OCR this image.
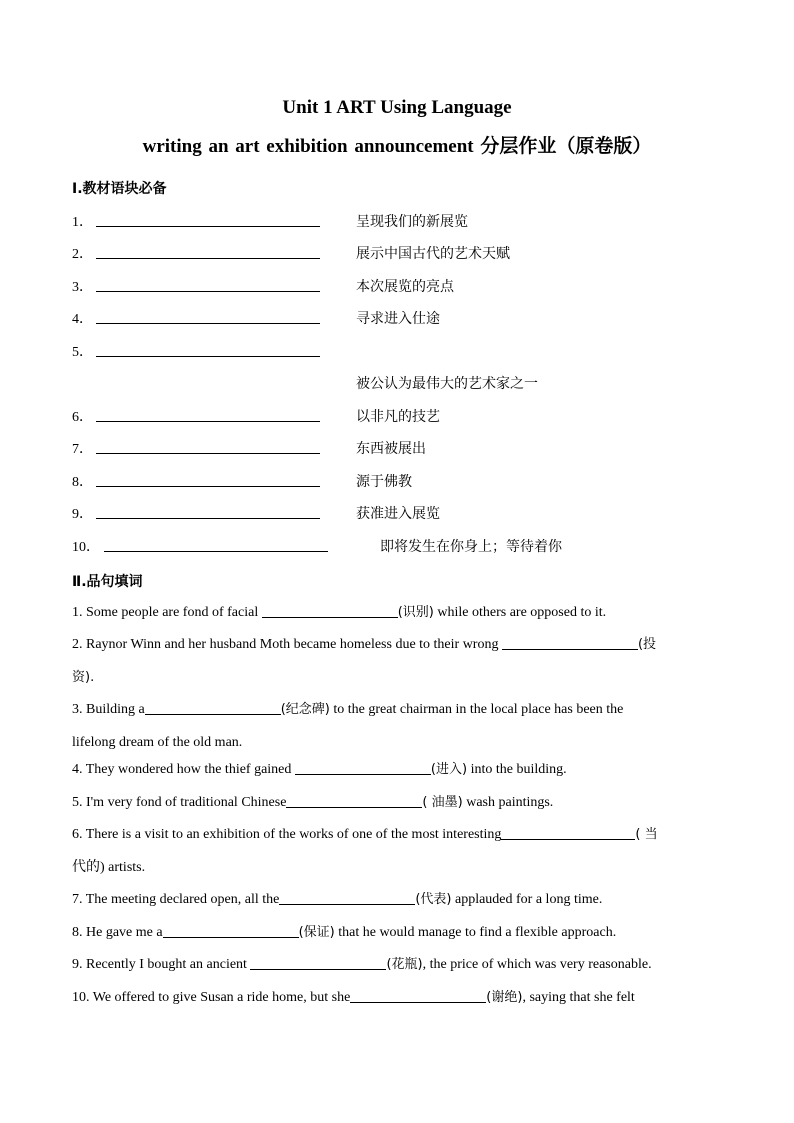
Unit 1 ART Using Language
writing an art exhibition announcement 分层作业（原卷版）
Ⅰ.教材语块必备
1．	呈现我们的新展览
2．	展示中国古代的艺术天赋
3．	本次展览的亮点
4．	寻求进入仕途
5．
被公认为最伟大的艺术家之一
6．	以非凡的技艺
7．	东西被展出
8．	源于佛教
9．	获准进入展览
10．	即将发生在你身上；等待着你
Ⅱ.品句填词
1. Some people are fond of facial	(识别) while others are opposed to it.
2. Raynor Winn and her husband Moth became homeless due to their wrong	(投
资).
3. Building a	(纪念碑) to the great chairman in the local place has been the
lifelong dream of the old man.
4. They wondered how the thief gained	(进入) into the building.
5. I'm very fond of traditional Chinese	( 油墨) wash paintings.
6. There is a visit to an exhibition of the works of one of the most interesting	( 当
代的) artists.
7. The meeting declared open, all the	(代表) applauded for a long time.
8. He gave me a	(保证) that he would manage to find a flexible approach.
9. Recently I bought an ancient	(花瓶), the price of which was very reasonable.
10. We offered to give Susan a ride home, but she	(谢绝), saying that she felt
